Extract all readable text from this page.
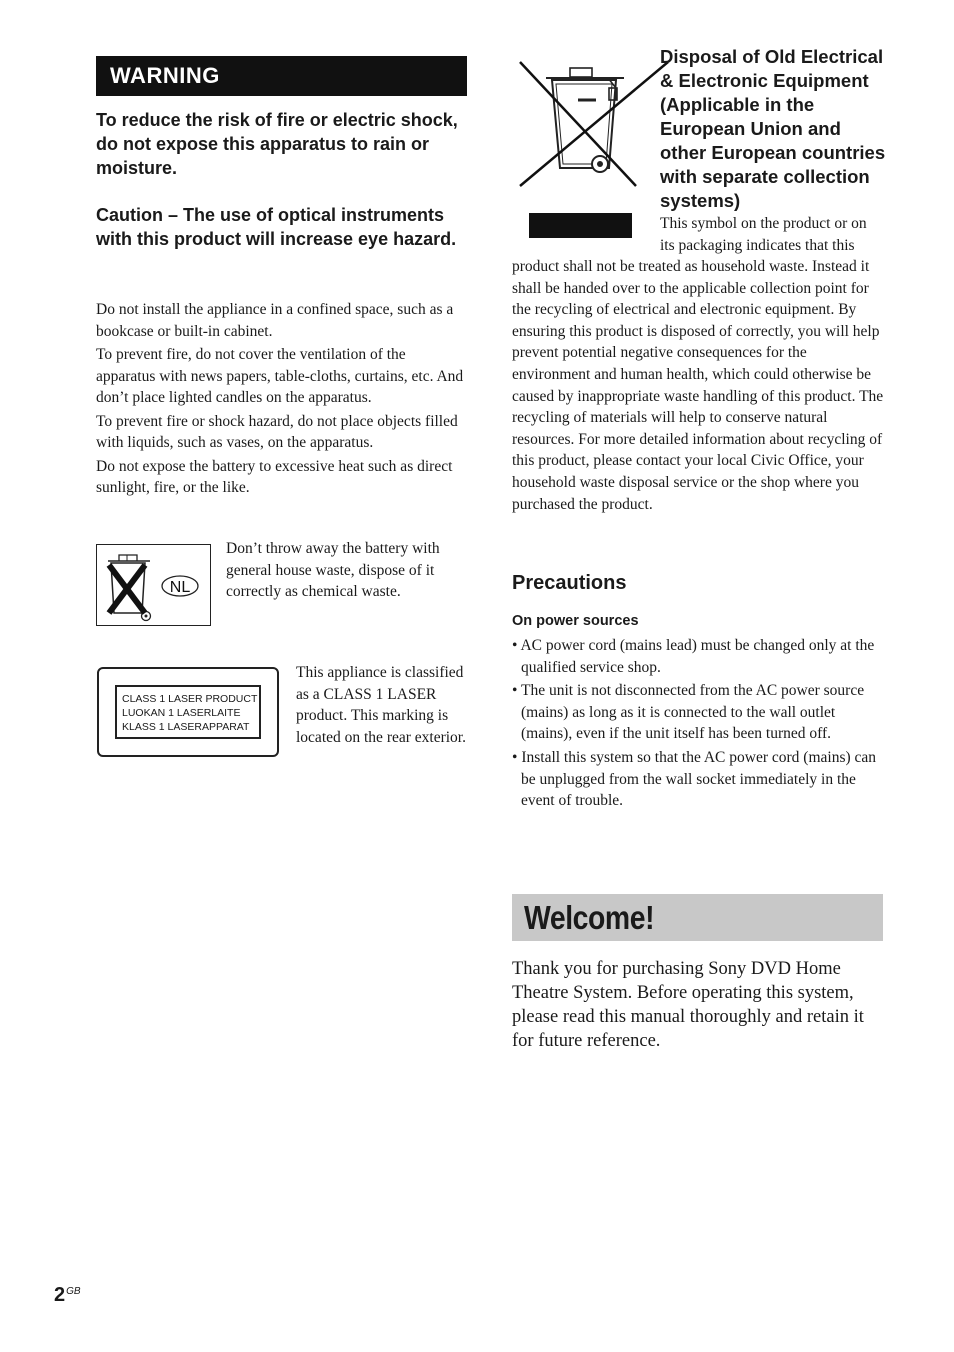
WARNING
To reduce the risk of fire or electric shock, do not expose this apparatus to rain or moisture.
Caution – The use of optical instruments with this product will increase eye hazard.

Do not install the appliance in a confined space, such as a bookcase or built-in cabinet.

To prevent fire, do not cover the ventilation of the apparatus with news papers, table-cloths, curtains, etc. And don’t place lighted candles on the apparatus.

To prevent fire or shock hazard, do not place objects filled with liquids, such as vases, on the apparatus.

Do not expose the battery to excessive heat such as direct sunlight, fire, or the like.

NL
Don’t throw away the battery with general house waste, dispose of it correctly as chemical waste.
CLASS 1 LASER PRODUCT
LUOKAN 1 LASERLAITE
KLASS 1 LASERAPPARAT
This appliance is classified as a CLASS 1 LASER product. This marking is located on the rear exterior.
Disposal of Old Electrical & Electronic Equipment (Applicable in the European Union and other European countries with separate collection systems)
This symbol on the product or on its packaging indicates that this
product shall not be treated as household waste. Instead it shall be handed over to the applicable collection point for the recycling of electrical and electronic equipment. By ensuring this product is disposed of correctly, you will help prevent potential negative consequences for the environment and human health, which could otherwise be caused by inappropriate waste handling of this product. The recycling of materials will help to conserve natural resources. For more detailed information about recycling of this product, please contact your local Civic Office, your household waste disposal service or the shop where you purchased the product.
Precautions
On power sources
• AC power cord (mains lead) must be changed only at the qualified service shop.
• The unit is not disconnected from the AC power source (mains) as long as it is connected to the wall outlet (mains), even if the unit itself has been turned off.
• Install this system so that the AC power cord (mains) can be unplugged from the wall socket immediately in the event of trouble.
Welcome!
Thank you for purchasing Sony DVD Home Theatre System. Before operating this system, please read this manual thoroughly and retain it for future reference.
$2^{GB}$
